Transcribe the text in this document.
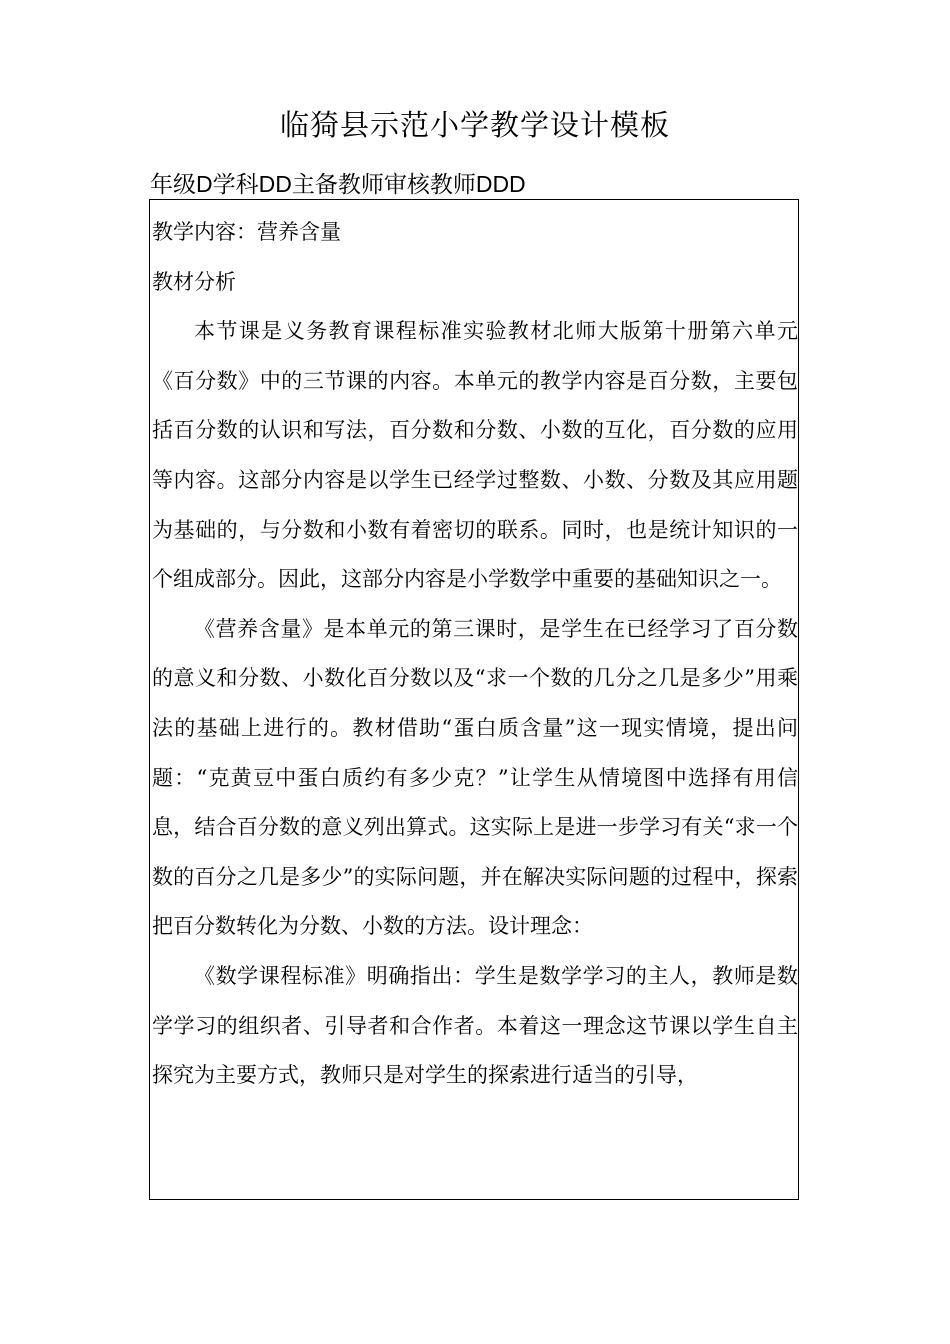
临猗县示范小学教学设计模板
年级D学科DD主备教师审核教师DDD

教学内容：营养含量

教材分析

本节课是义务教育课程标准实验教材北师大版第十册第六单元《百分数》中的三节课的内容。本单元的教学内容是百分数，主要包括百分数的认识和写法，百分数和分数、小数的互化，百分数的应用等内容。这部分内容是以学生已经学过整数、小数、分数及其应用题为基础的，与分数和小数有着密切的联系。同时，也是统计知识的一个组成部分。因此，这部分内容是小学数学中重要的基础知识之一。

《营养含量》是本单元的第三课时，是学生在已经学习了百分数的意义和分数、小数化百分数以及“求一个数的几分之几是多少”用乘法的基础上进行的。教材借助“蛋白质含量”这一现实情境，提出问题：“克黄豆中蛋白质约有多少克？”让学生从情境图中选择有用信息，结合百分数的意义列出算式。这实际上是进一步学习有关“求一个数的百分之几是多少”的实际问题，并在解决实际问题的过程中，探索把百分数转化为分数、小数的方法。设计理念：

《数学课程标准》明确指出：学生是数学学习的主人，教师是数学学习的组织者、引导者和合作者。本着这一理念这节课以学生自主探究为主要方式，教师只是对学生的探索进行适当的引导，
